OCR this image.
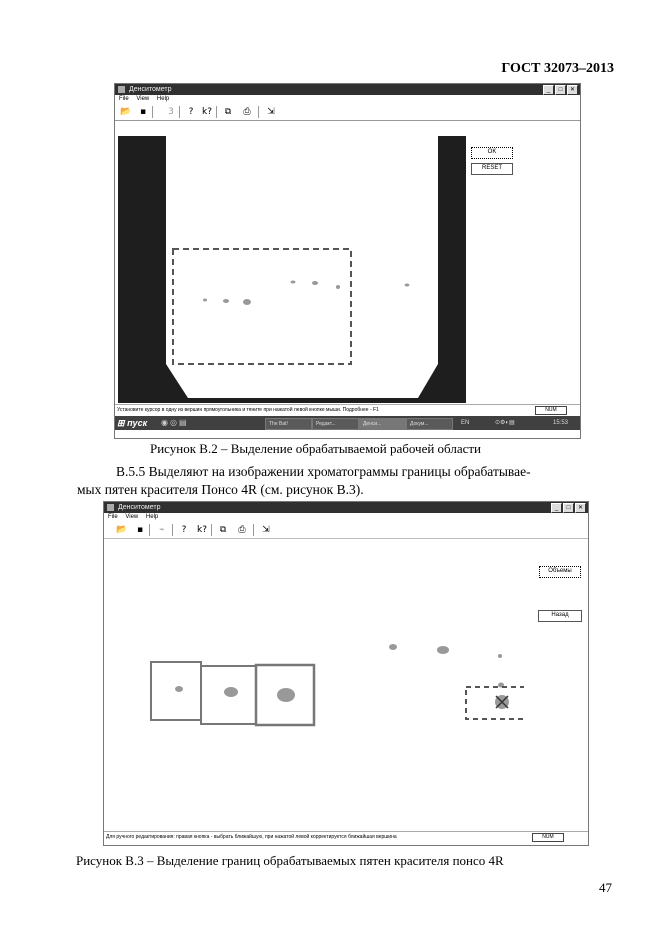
ГОСТ 32073–2013
Денситометр	_	□	✕
File View Help
📂 ▪	3	? k?	⧉	⎙ ⇲
OK
RESET
Установите курсор в одну из вершин прямоугольника и тяните при нажатой левой кнопке мыши. Подробнее - F1	NUM
⊞ пуск	◉ ◎ ▤	The Bat!	Редакт...	Денси...	Докум...	EN	⊙⚙◐▤	15:53
Рисунок В.2 – Выделение обрабатываемой рабочей области
В.5.5 Выделяют на изображении хроматограммы границы обрабатывае-
мых пятен красителя Понсо 4R (см. рисунок В.3).
Денситометр	_	□	✕
File View Help
📂	▪	⌁	?	k?	⧉	⎙ ⇲
Объемы
Назад
Для ручного редактирования: правая кнопка - выбрать ближайшую, при нажатой левой корректируется ближайшая вершина	NUM
Рисунок В.3 – Выделение границ обрабатываемых пятен красителя понсо 4R
47
